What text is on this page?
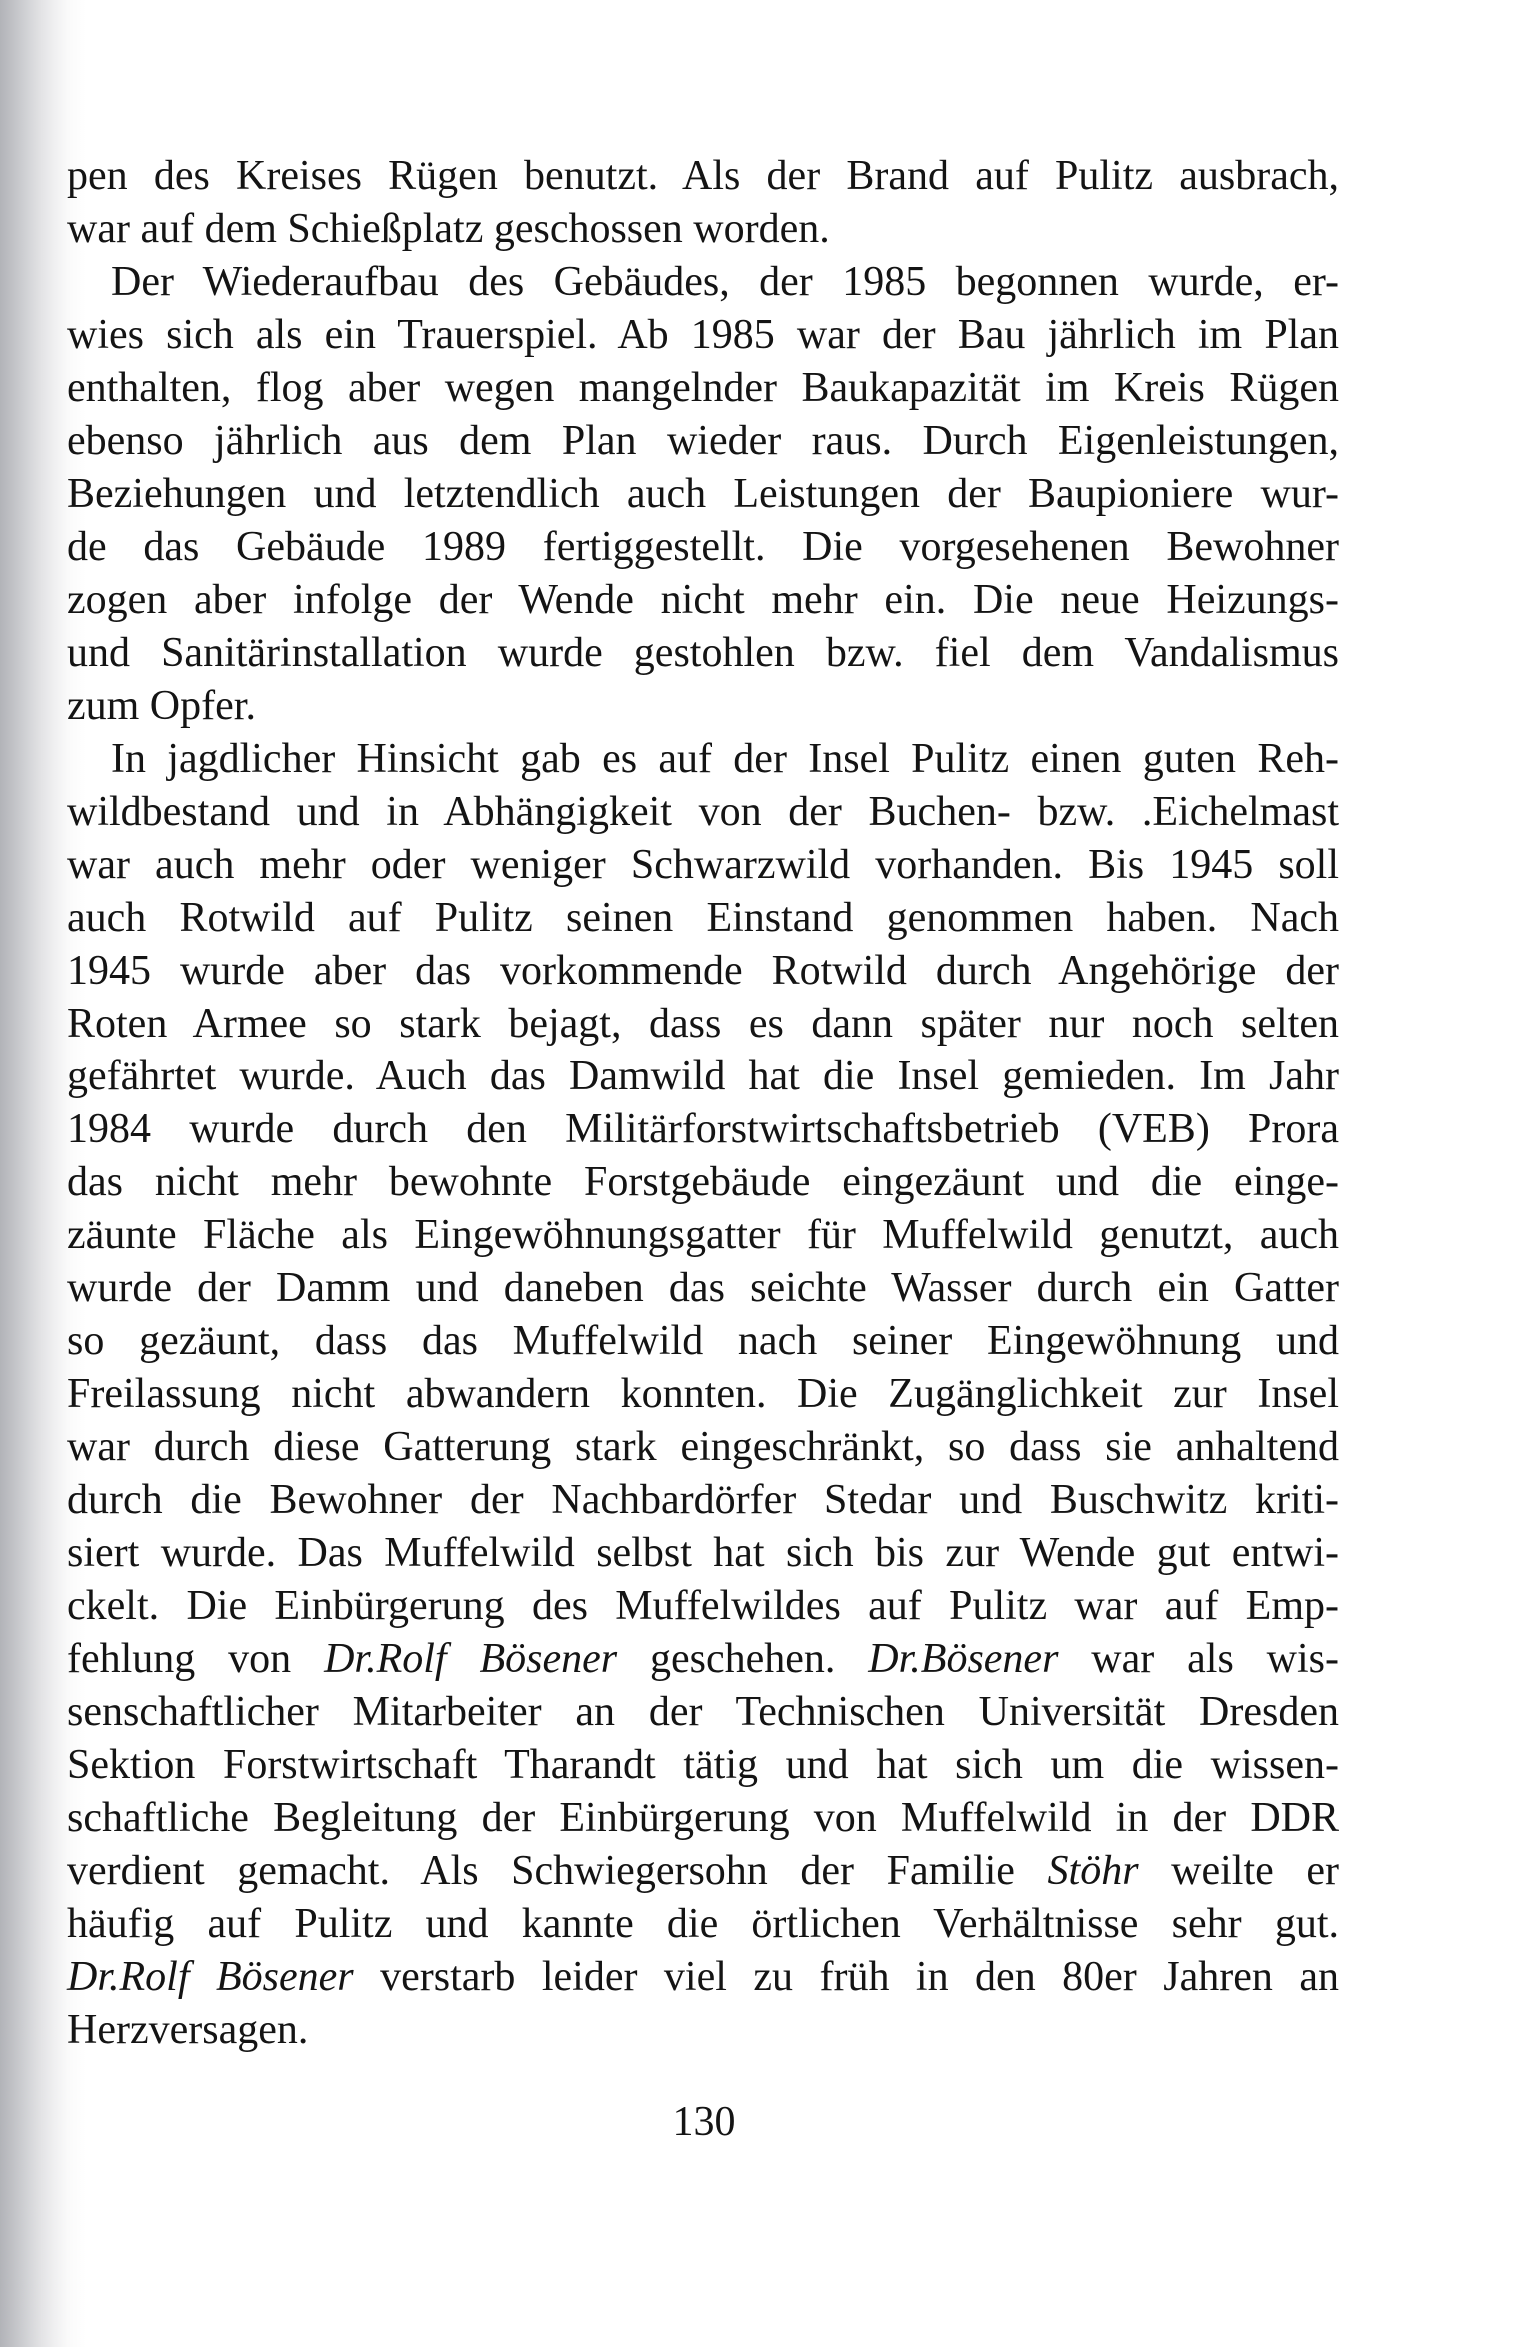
pen des Kreises Rügen benutzt. Als der Brand auf Pulitz ausbrach,
war auf dem Schießplatz geschossen worden.
Der Wiederaufbau des Gebäudes, der 1985 begonnen wurde, er-
wies sich als ein Trauerspiel. Ab 1985 war der Bau jährlich im Plan
enthalten, flog aber wegen mangelnder Baukapazität im Kreis Rügen
ebenso jährlich aus dem Plan wieder raus. Durch Eigenleistungen,
Beziehungen und letztendlich auch Leistungen der Baupioniere wur-
de das Gebäude 1989 fertiggestellt. Die vorgesehenen Bewohner
zogen aber infolge der Wende nicht mehr ein. Die neue Heizungs-
und Sanitärinstallation wurde gestohlen bzw. fiel dem Vandalismus
zum Opfer.
In jagdlicher Hinsicht gab es auf der Insel Pulitz einen guten Reh-
wildbestand und in Abhängigkeit von der Buchen- bzw. .Eichelmast
war auch mehr oder weniger Schwarzwild vorhanden. Bis 1945 soll
auch Rotwild auf Pulitz seinen Einstand genommen haben. Nach
1945 wurde aber das vorkommende Rotwild durch Angehörige der
Roten Armee so stark bejagt, dass es dann später nur noch selten
gefährtet wurde. Auch das Damwild hat die Insel gemieden. Im Jahr
1984 wurde durch den Militärforstwirtschaftsbetrieb (VEB) Prora
das nicht mehr bewohnte Forstgebäude eingezäunt und die einge-
zäunte Fläche als Eingewöhnungsgatter für Muffelwild genutzt, auch
wurde der Damm und daneben das seichte Wasser durch ein Gatter
so gezäunt, dass das Muffelwild nach seiner Eingewöhnung und
Freilassung nicht abwandern konnten. Die Zugänglichkeit zur Insel
war durch diese Gatterung stark eingeschränkt, so dass sie anhaltend
durch die Bewohner der Nachbardörfer Stedar und Buschwitz kriti-
siert wurde. Das Muffelwild selbst hat sich bis zur Wende gut entwi-
ckelt. Die Einbürgerung des Muffelwildes auf Pulitz war auf Emp-
fehlung von Dr.Rolf Bösener geschehen. Dr.Bösener war als wis-
senschaftlicher Mitarbeiter an der Technischen Universität Dresden
Sektion Forstwirtschaft Tharandt tätig und hat sich um die wissen-
schaftliche Begleitung der Einbürgerung von Muffelwild in der DDR
verdient gemacht. Als Schwiegersohn der Familie Stöhr weilte er
häufig auf Pulitz und kannte die örtlichen Verhältnisse sehr gut.
Dr.Rolf Bösener verstarb leider viel zu früh in den 80er Jahren an
Herzversagen.
130
